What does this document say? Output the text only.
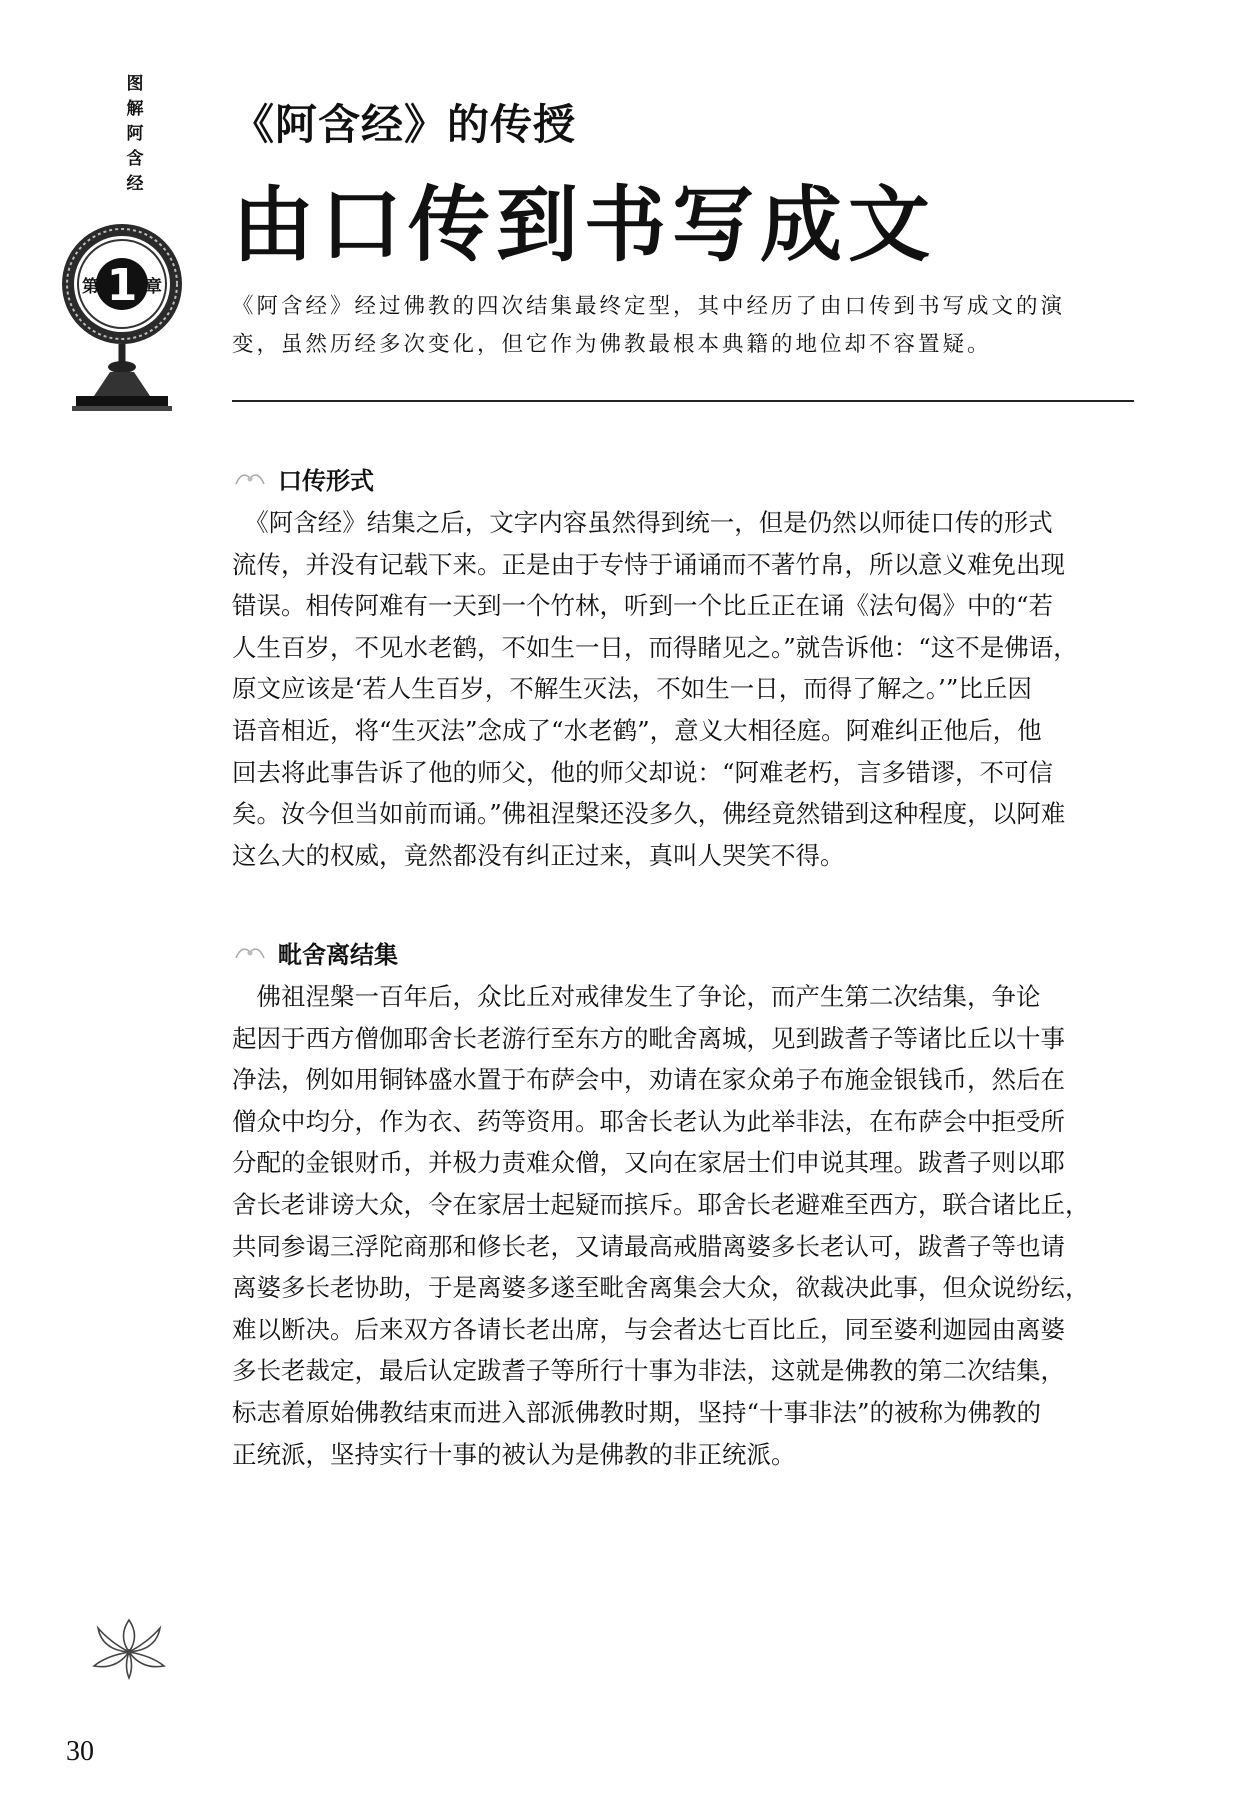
图
解
阿
含
经
第 1 章
《阿含经》的传授
由口传到书写成文

《阿含经》经过佛教的四次结集最终定型，其中经历了由口传到书写成文的演

变，虽然历经多次变化，但它作为佛教最根本典籍的地位却不容置疑。

口传形式

　《阿含经》结集之后，文字内容虽然得到统一，但是仍然以师徒口传的形式

流传，并没有记载下来。正是由于专恃于诵诵而不著竹帛，所以意义难免出现

错误。相传阿难有一天到一个竹林，听到一个比丘正在诵《法句偈》中的“若

人生百岁，不见水老鹤，不如生一日，而得睹见之。”就告诉他：“这不是佛语，

原文应该是‘若人生百岁，不解生灭法，不如生一日，而得了解之。’”比丘因

语音相近，将“生灭法”念成了“水老鹤”，意义大相径庭。阿难纠正他后，他

回去将此事告诉了他的师父，他的师父却说：“阿难老朽，言多错谬，不可信

矣。汝今但当如前而诵。”佛祖涅槃还没多久，佛经竟然错到这种程度，以阿难

这么大的权威，竟然都没有纠正过来，真叫人哭笑不得。

毗舍离结集

　佛祖涅槃一百年后，众比丘对戒律发生了争论，而产生第二次结集，争论

起因于西方僧伽耶舍长老游行至东方的毗舍离城，见到跋耆子等诸比丘以十事

净法，例如用铜钵盛水置于布萨会中，劝请在家众弟子布施金银钱币，然后在

僧众中均分，作为衣、药等资用。耶舍长老认为此举非法，在布萨会中拒受所

分配的金银财币，并极力责难众僧，又向在家居士们申说其理。跋耆子则以耶

舍长老诽谤大众，令在家居士起疑而摈斥。耶舍长老避难至西方，联合诸比丘，

共同参谒三浮陀商那和修长老，又请最高戒腊离婆多长老认可，跋耆子等也请

离婆多长老协助，于是离婆多遂至毗舍离集会大众，欲裁决此事，但众说纷纭，

难以断决。后来双方各请长老出席，与会者达七百比丘，同至婆利迦园由离婆

多长老裁定，最后认定跋耆子等所行十事为非法，这就是佛教的第二次结集，

标志着原始佛教结束而进入部派佛教时期，坚持“十事非法”的被称为佛教的

正统派，坚持实行十事的被认为是佛教的非正统派。

30
